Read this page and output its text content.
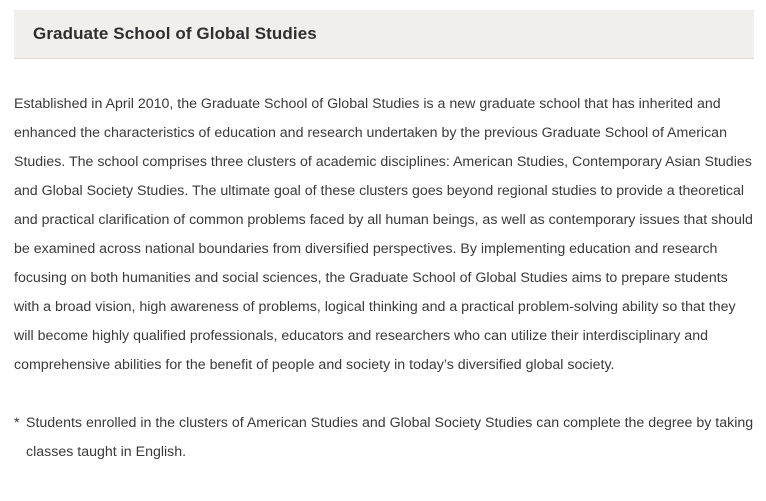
Graduate School of Global Studies

Established in April 2010, the Graduate School of Global Studies is a new graduate school that has inherited and enhanced the characteristics of education and research undertaken by the previous Graduate School of American Studies. The school comprises three clusters of academic disciplines: American Studies, Contemporary Asian Studies and Global Society Studies. The ultimate goal of these clusters goes beyond regional studies to provide a theoretical and practical clarification of common problems faced by all human beings, as well as contemporary issues that should be examined across national boundaries from diversified perspectives. By implementing education and research focusing on both humanities and social sciences, the Graduate School of Global Studies aims to prepare students with a broad vision, high awareness of problems, logical thinking and a practical problem-solving ability so that they will become highly qualified professionals, educators and researchers who can utilize their interdisciplinary and comprehensive abilities for the benefit of people and society in today’s diversified global society.

* Students enrolled in the clusters of American Studies and Global Society Studies can complete the degree by taking classes taught in English.
